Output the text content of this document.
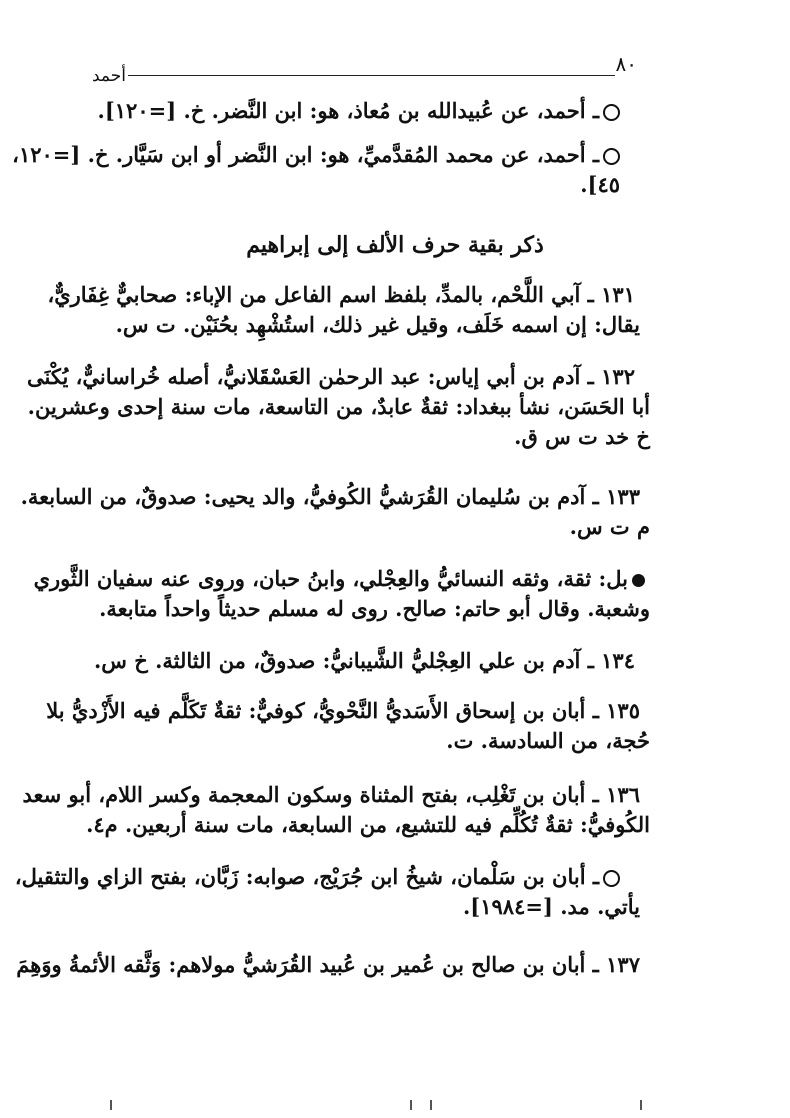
٨٠
أحمد
ذكر بقية حرف الألف إلى إبراهيم
ـ أحمد، عن عُبيدالله بن مُعاذ، هو: ابن النَّضر. خ. [=١٢٠].
ـ أحمد، عن محمد المُقدَّميِّ، هو: ابن النَّضر أو ابن سَيَّار. خ. [=١٢٠،
٤٥].
١٣١ ـ آبي اللَّحْم، بالمدِّ، بلفظ اسم الفاعل من الإباء: صحابيٌّ غِفَاريٌّ،
يقال: إن اسمه خَلَف، وقيل غير ذلك، استُشْهِد بحُنَيْن. ت س.
١٣٢ ـ آدم بن أبي إياس: عبد الرحمٰن العَسْقَلانيُّ، أصله خُراسانيٌّ، يُكْنَى
أبا الحَسَن، نشأ ببغداد: ثقةٌ عابدٌ، من التاسعة، مات سنة إحدى وعشرين.
خ خد ت س ق.
١٣٣ ـ آدم بن سُليمان القُرَشيُّ الكُوفيُّ، والد يحيى: صدوقٌ، من السابعة.
م ت س.
بل: ثقة، وثقه النسائيُّ والعِجْلي، وابنُ حبان، وروى عنه سفيان الثَّوري
وشعبة. وقال أبو حاتم: صالح. روى له مسلم حديثاً واحداً متابعة.
١٣٤ ـ آدم بن علي العِجْليُّ الشَّيبانيُّ: صدوقٌ، من الثالثة. خ س.
١٣٥ ـ أبان بن إسحاق الأَسَديُّ النَّحْويُّ، كوفيٌّ: ثقةٌ تَكَلَّم فيه الأَزْديُّ بلا
حُجة، من السادسة. ت.
١٣٦ ـ أبان بن تَغْلِب، بفتح المثناة وسكون المعجمة وكسر اللام، أبو سعد
الكُوفيُّ: ثقةٌ تُكُلِّم فيه للتشيع، من السابعة، مات سنة أربعين. م٤.
ـ أبان بن سَلْمان، شيخُ ابن جُرَيْج، صوابه: زَبَّان، بفتح الزاي والتثقيل،
يأتي. مد. [=١٩٨٤].
١٣٧ ـ أبان بن صالح بن عُمير بن عُبيد القُرَشيُّ مولاهم: وَثَّقه الأئمةُ ووَهِمَ
